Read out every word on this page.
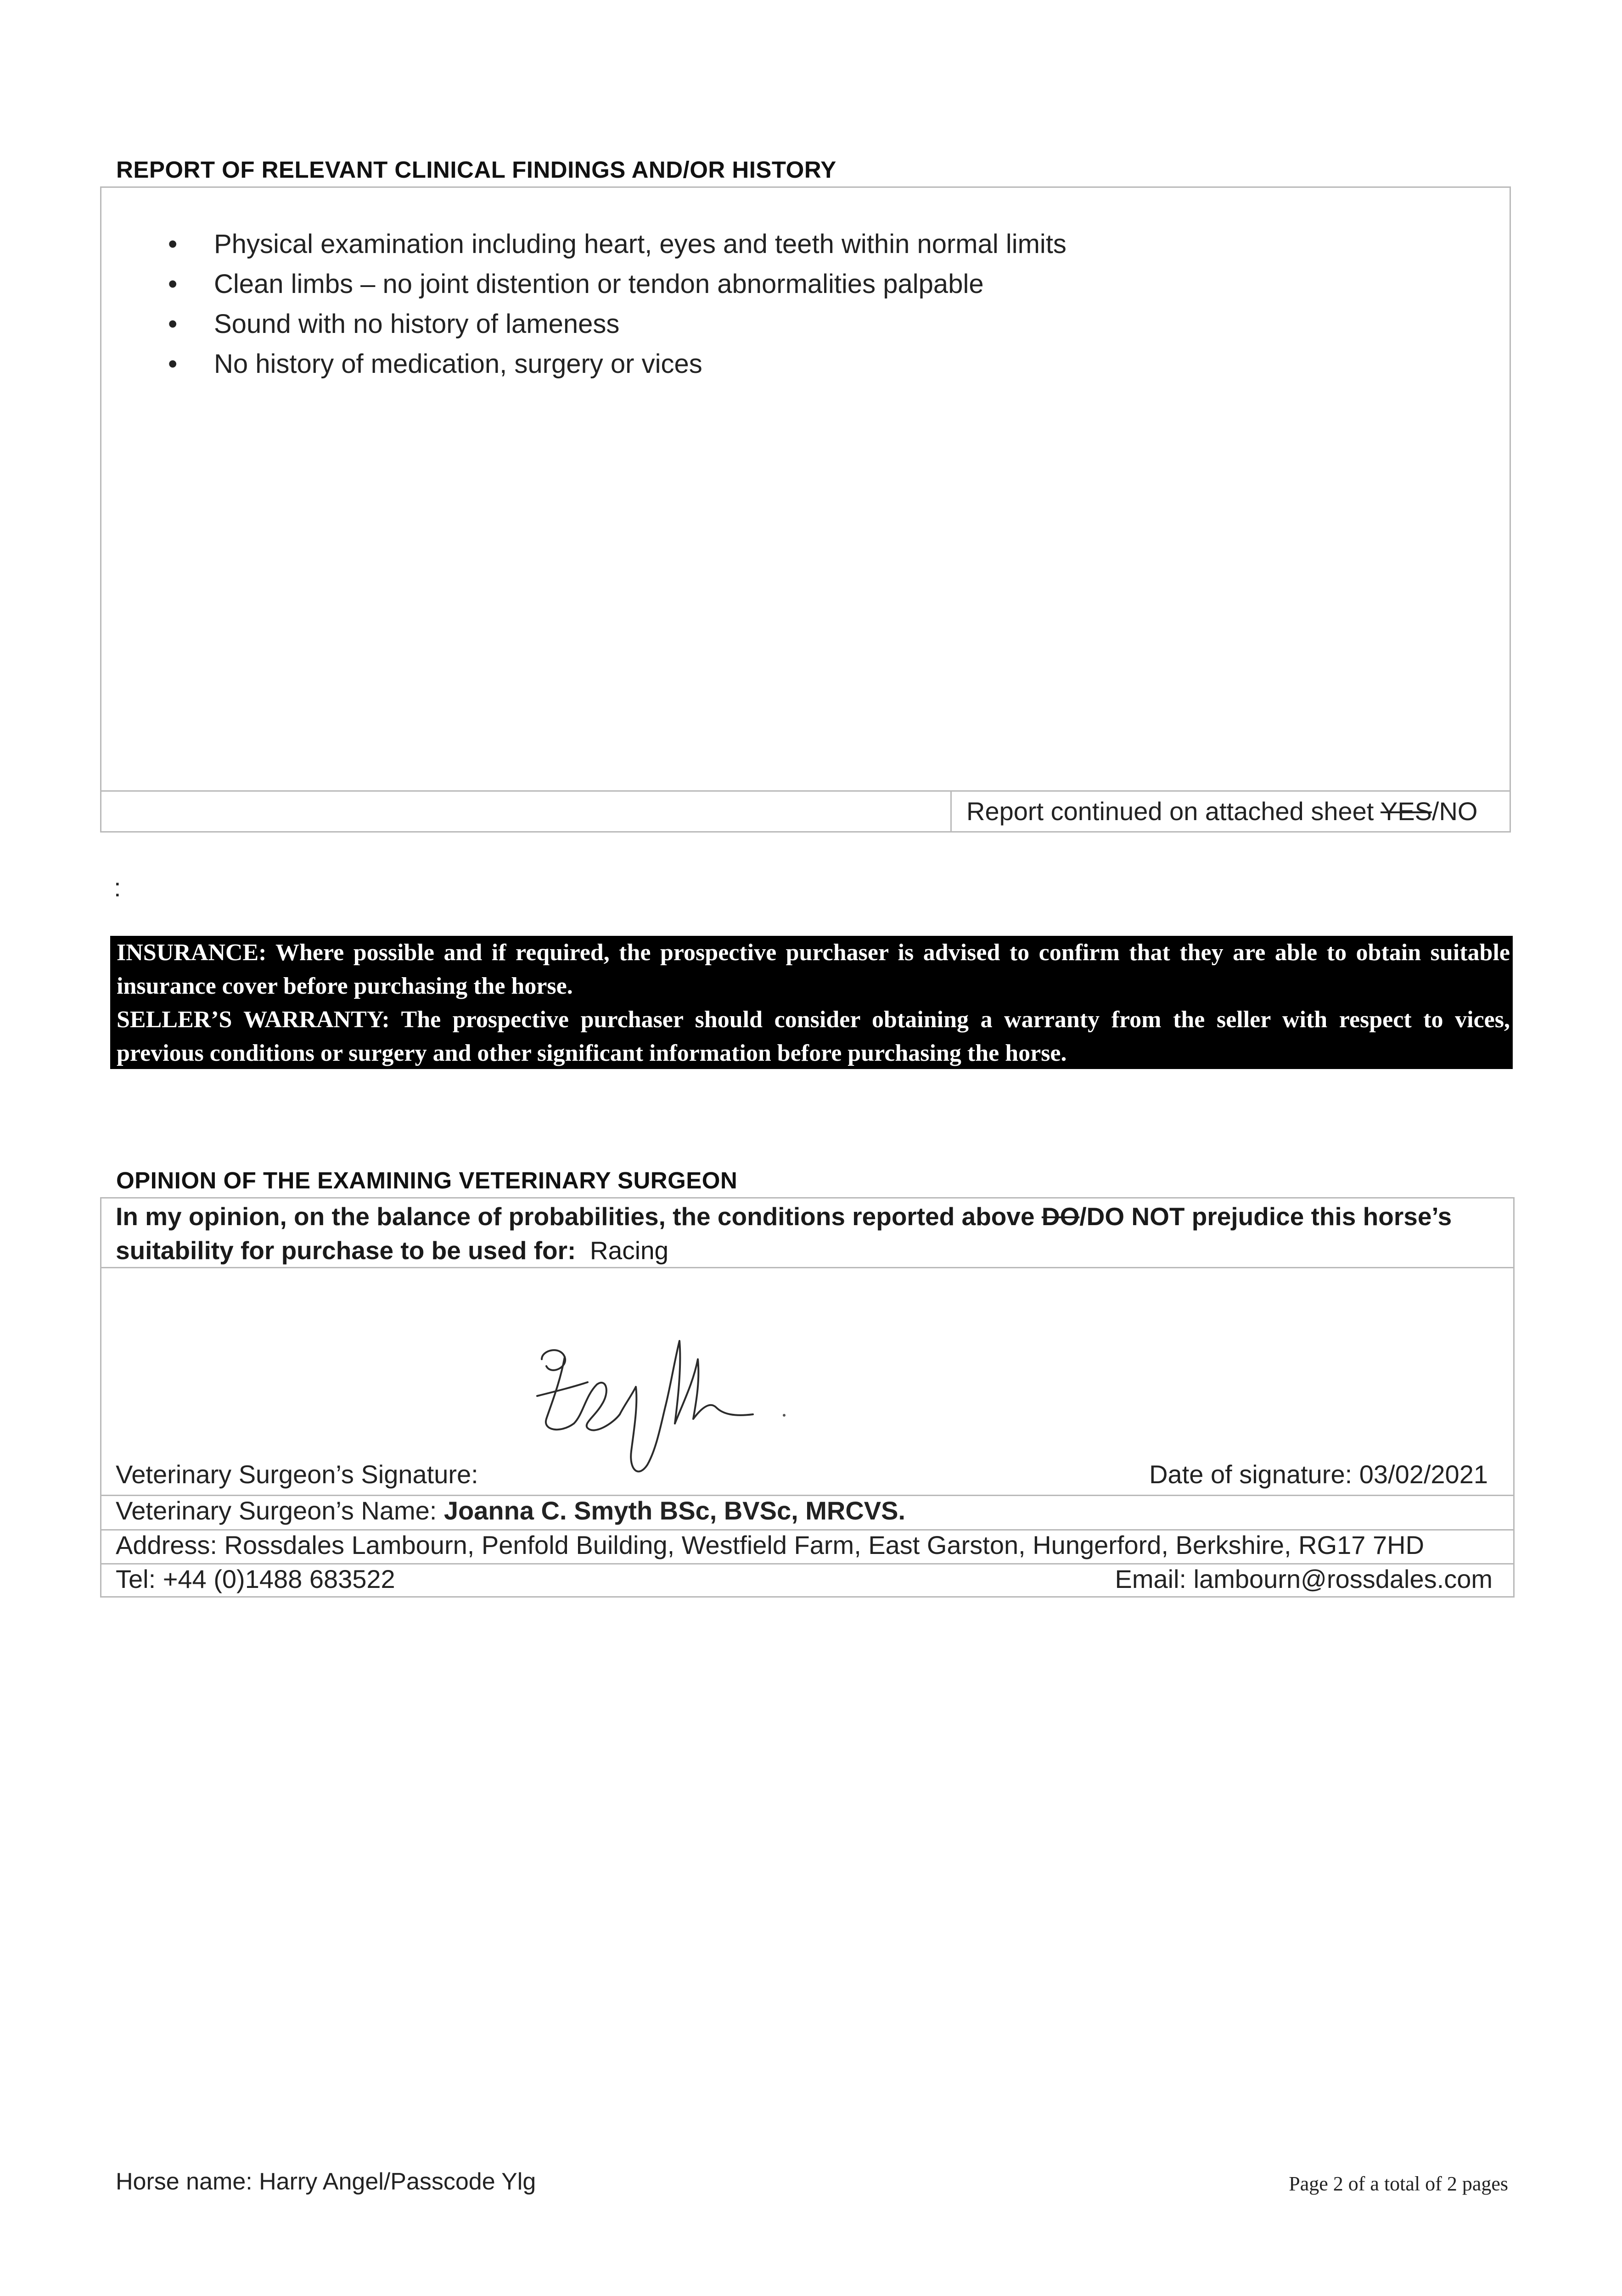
REPORT OF RELEVANT CLINICAL FINDINGS AND/OR HISTORY
• Physical examination including heart, eyes and teeth within normal limits
• Clean limbs – no joint distention or tendon abnormalities palpable
• Sound with no history of lameness
• No history of medication, surgery or vices
Report continued on attached sheet YES/NO
:

INSURANCE: Where possible and if required, the prospective purchaser is advised to confirm that they are able to obtain suitable insurance cover before purchasing the horse.

SELLER’S WARRANTY: The prospective purchaser should consider obtaining a warranty from the seller with respect to vices, previous conditions or surgery and other significant information before purchasing the horse.

OPINION OF THE EXAMINING VETERINARY SURGEON
In my opinion, on the balance of probabilities, the conditions reported above DO/DO NOT prejudice this horse’s
suitability for purchase to be used for: Racing
Veterinary Surgeon’s Signature:	Date of signature: 03/02/2021
Veterinary Surgeon’s Name: Joanna C. Smyth BSc, BVSc, MRCVS.
Address: Rossdales Lambourn, Penfold Building, Westfield Farm, East Garston, Hungerford, Berkshire, RG17 7HD
Tel: +44 (0)1488 683522	Email: lambourn@rossdales.com
Horse name: Harry Angel/Passcode Ylg	Page 2 of a total of 2 pages
